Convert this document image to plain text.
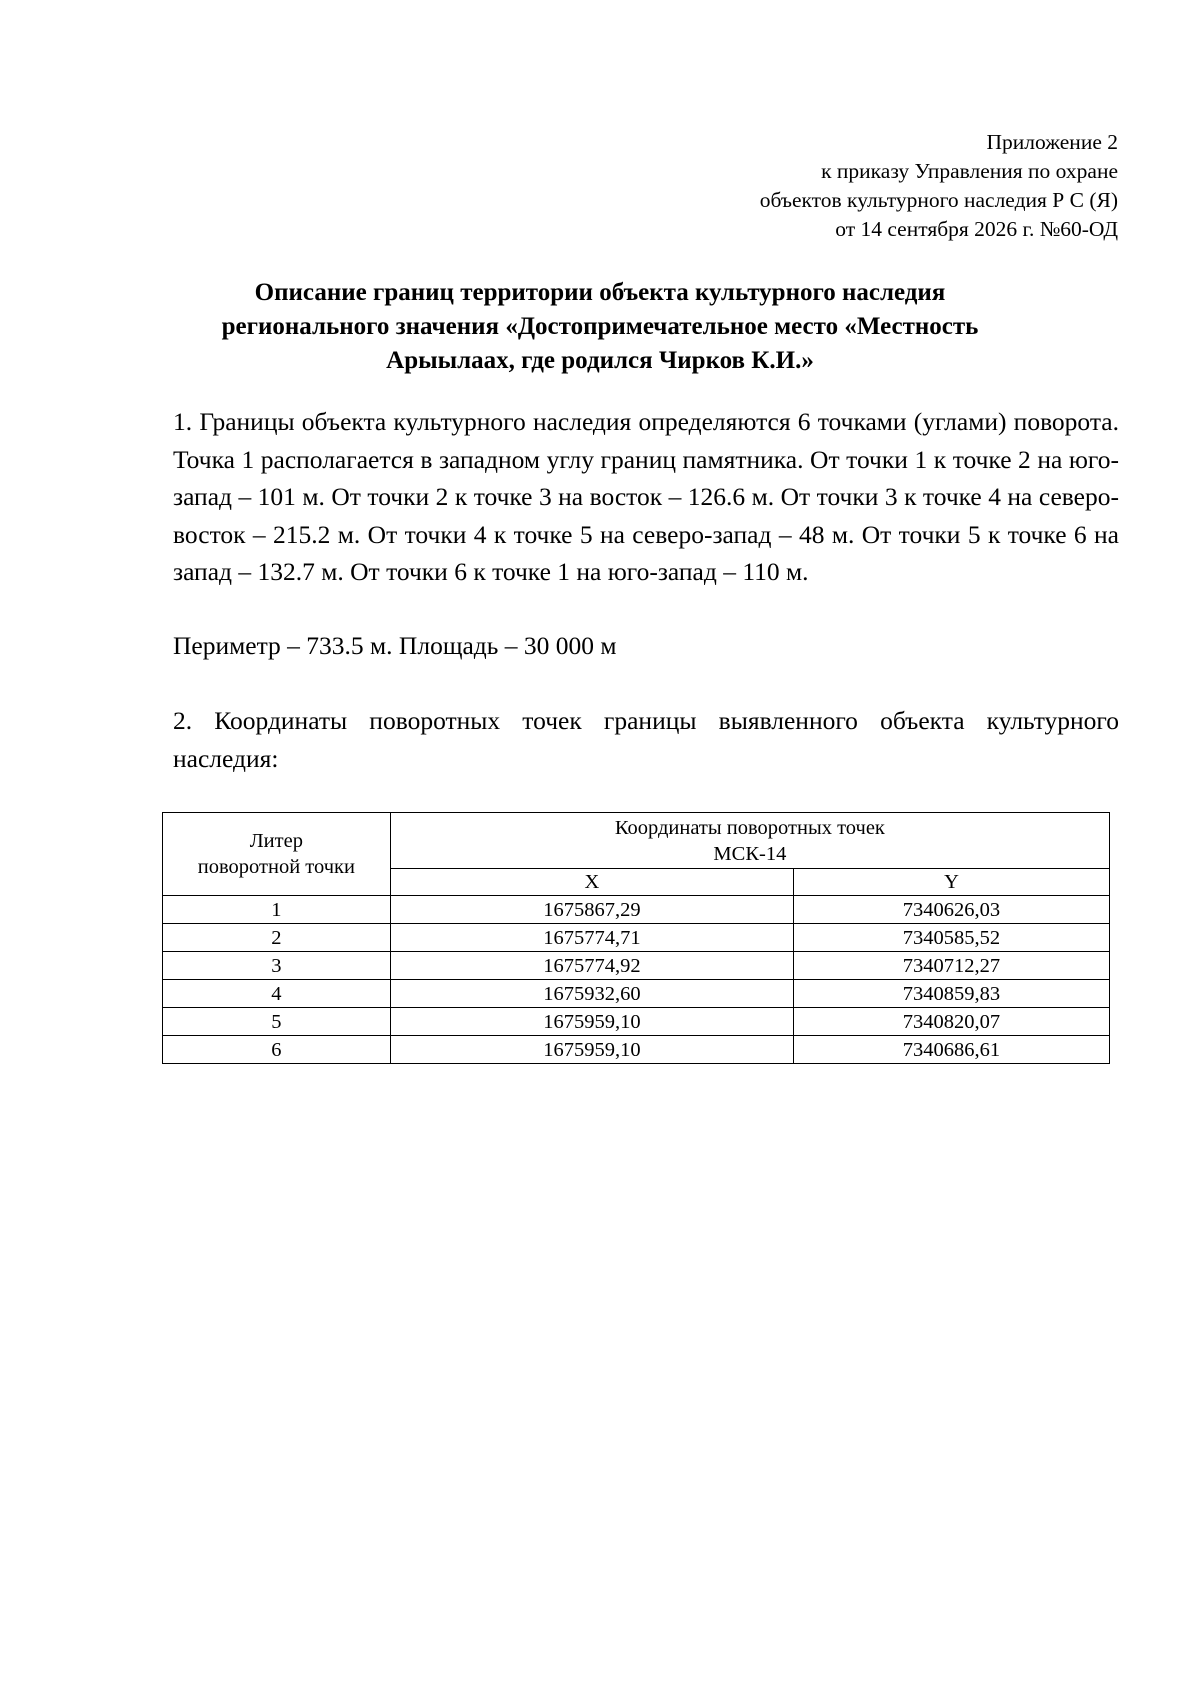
Приложение 2
к приказу Управления по охране
объектов культурного наследия Р С (Я)
от 14 сентября 2026 г. №60-ОД
Описание границ территории объекта культурного наследия
регионального значения «Достопримечательное место «Местность
Арыылаах, где родился Чирков К.И.»
1. Границы объекта культурного наследия определяются 6 точками (углами) поворота. Точка 1 располагается в западном углу границ памятника. От точки 1 к точке 2 на юго-запад – 101 м. От точки 2 к точке 3 на восток – 126.6 м. От точки 3 к точке 4 на северо-восток – 215.2 м. От точки 4 к точке 5 на северо-запад – 48 м. От точки 5 к точке 6 на запад – 132.7 м. От точки 6 к точке 1 на юго-запад – 110 м.
Периметр – 733.5 м. Площадь – 30 000 м
2. Координаты поворотных точек границы выявленного объекта культурного наследия:
Литер
поворотной точки	Координаты поворотных точек
МСК-14	

	X	Y
1	1675867,29	7340626,03
2	1675774,71	7340585,52
3	1675774,92	7340712,27
4	1675932,60	7340859,83
5	1675959,10	7340820,07
6	1675959,10	7340686,61
